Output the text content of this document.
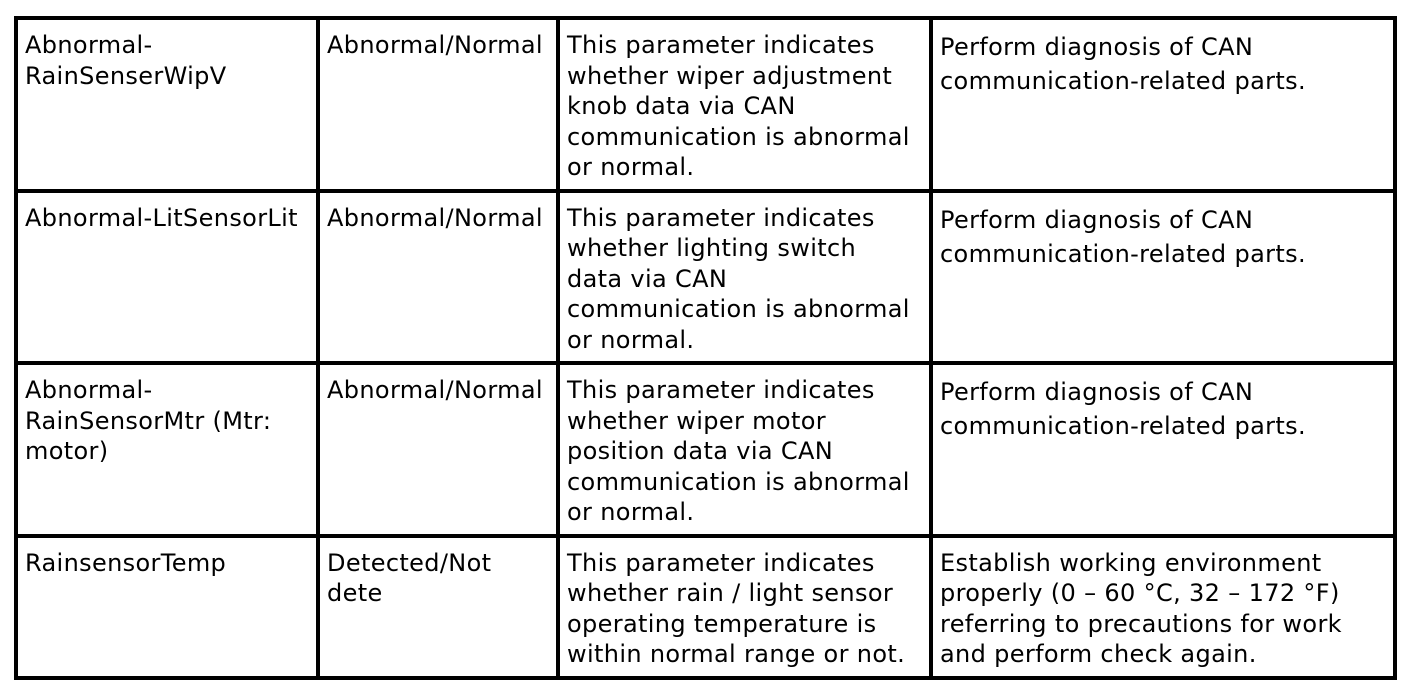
Abnormal-
RainSenserWipV	Abnormal/Normal	This parameter indicates
whether wiper adjustment
knob data via CAN
communication is abnormal
or normal.	Perform diagnosis of CAN
communication-related parts.

Abnormal-LitSensorLit	Abnormal/Normal	This parameter indicates
whether lighting switch
data via CAN
communication is abnormal
or normal.	Perform diagnosis of CAN
communication-related parts.

Abnormal-
RainSensorMtr (Mtr:
motor)	Abnormal/Normal	This parameter indicates
whether wiper motor
position data via CAN
communication is abnormal
or normal.	Perform diagnosis of CAN
communication-related parts.

RainsensorTemp	Detected/Not
dete	This parameter indicates
whether rain / light sensor
operating temperature is
within normal range or not.	Establish working environment
properly (0 – 60 °C, 32 – 172 °F)
referring to precautions for work
and perform check again.
